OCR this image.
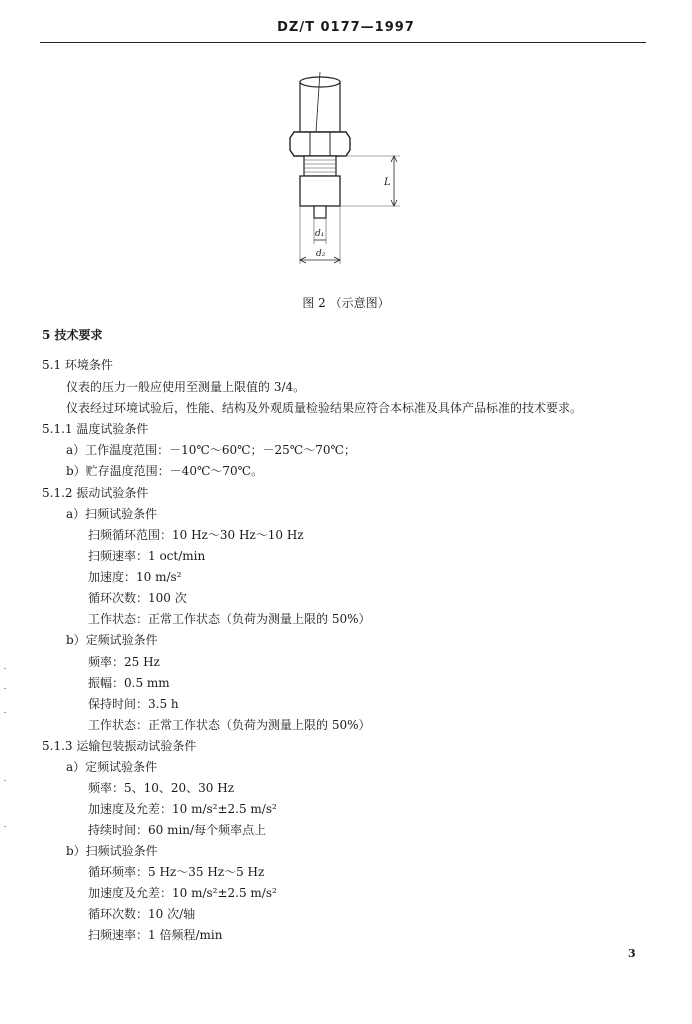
DZ/T 0177—1997
L
d₁
d₂
图 2 （示意图）
5 技术要求
5.1 环境条件
仪表的压力一般应使用至测量上限值的 3/4。
仪表经过环境试验后，性能、结构及外观质量检验结果应符合本标准及具体产品标准的技术要求。
5.1.1 温度试验条件
a）工作温度范围：－10℃～60℃；－25℃～70℃；
b）贮存温度范围：－40℃～70℃。
5.1.2 振动试验条件
a）扫频试验条件
扫频循环范围：10 Hz～30 Hz～10 Hz
扫频速率：1 oct/min
加速度：10 m/s²
循环次数：100 次
工作状态：正常工作状态（负荷为测量上限的 50%）
b）定频试验条件
频率：25 Hz
振幅：0.5 mm
保持时间：3.5 h
工作状态：正常工作状态（负荷为测量上限的 50%）
5.1.3 运输包装振动试验条件
a）定频试验条件
频率：5、10、20、30 Hz
加速度及允差：10 m/s²±2.5 m/s²
持续时间：60 min/每个频率点上
b）扫频试验条件
循环频率：5 Hz～35 Hz～5 Hz
加速度及允差：10 m/s²±2.5 m/s²
循环次数：10 次/轴
扫频速率：1 倍频程/min
3
